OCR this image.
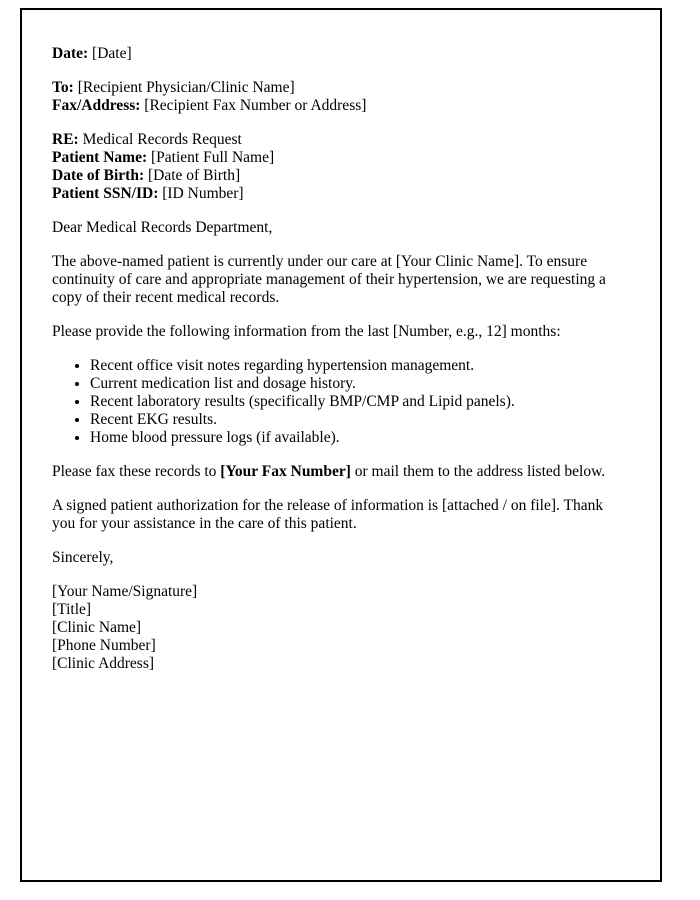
Date: [Date]
To: [Recipient Physician/Clinic Name]
Fax/Address: [Recipient Fax Number or Address]
RE: Medical Records Request
Patient Name: [Patient Full Name]
Date of Birth: [Date of Birth]
Patient SSN/ID: [ID Number]

Dear Medical Records Department,

The above-named patient is currently under our care at [Your Clinic Name]. To ensure continuity of care and appropriate management of their hypertension, we are requesting a copy of their recent medical records.

Please provide the following information from the last [Number, e.g., 12] months:

• Recent office visit notes regarding hypertension management.
• Current medication list and dosage history.
• Recent laboratory results (specifically BMP/CMP and Lipid panels).
• Recent EKG results.
• Home blood pressure logs (if available).

Please fax these records to [Your Fax Number] or mail them to the address listed below.

A signed patient authorization for the release of information is [attached / on file]. Thank you for your assistance in the care of this patient.

Sincerely,

[Your Name/Signature]
[Title]
[Clinic Name]
[Phone Number]
[Clinic Address]
